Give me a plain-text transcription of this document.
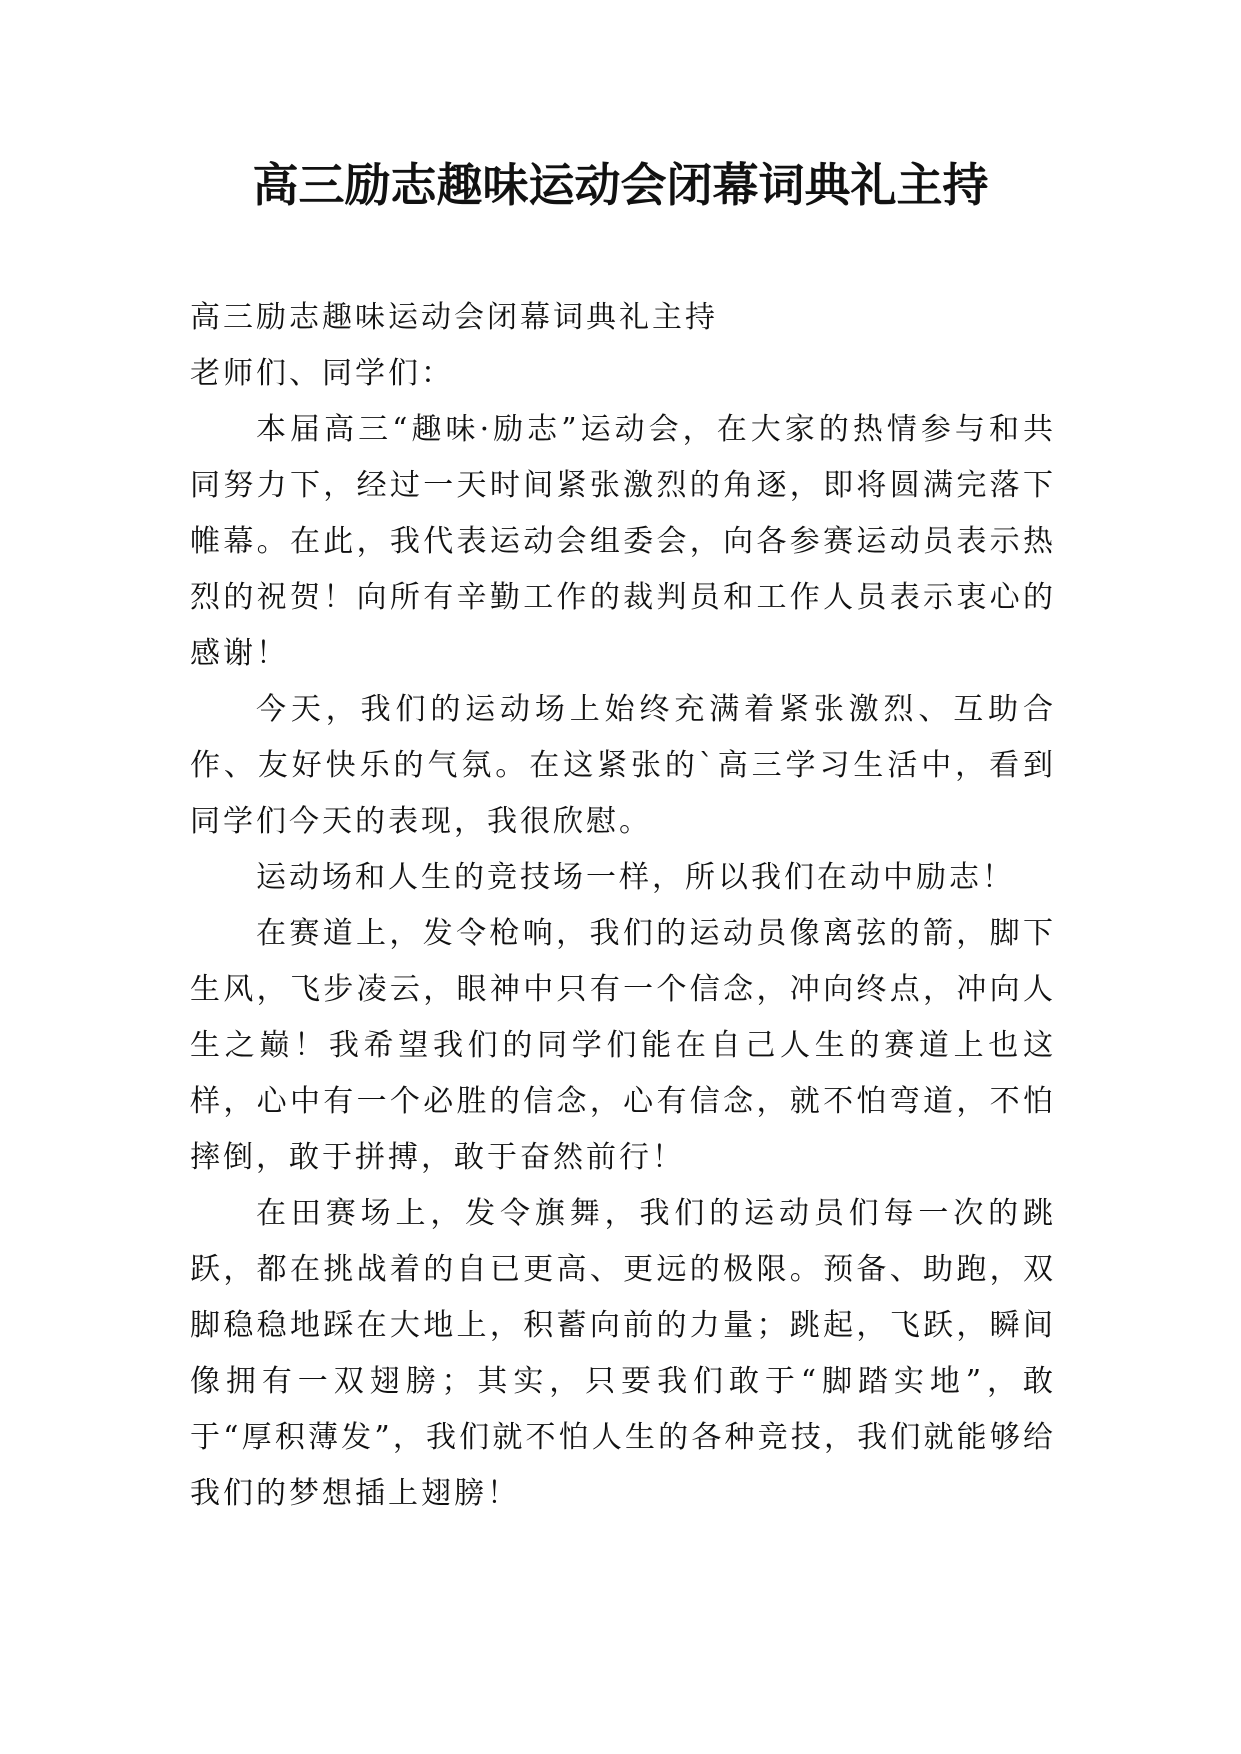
高三励志趣味运动会闭幕词典礼主持

高三励志趣味运动会闭幕词典礼主持

老师们、同学们：

本届高三“趣味·励志”运动会，在大家的热情参与和共同努力下，经过一天时间紧张激烈的角逐，即将圆满完落下帷幕。在此，我代表运动会组委会，向各参赛运动员表示热烈的祝贺！向所有辛勤工作的裁判员和工作人员表示衷心的感谢！

今天，我们的运动场上始终充满着紧张激烈、互助合作、友好快乐的气氛。在这紧张的`高三学习生活中，看到同学们今天的表现，我很欣慰。

运动场和人生的竞技场一样，所以我们在动中励志！

在赛道上，发令枪响，我们的运动员像离弦的箭，脚下生风，飞步凌云，眼神中只有一个信念，冲向终点，冲向人生之巅！我希望我们的同学们能在自己人生的赛道上也这样，心中有一个必胜的信念，心有信念，就不怕弯道，不怕摔倒，敢于拼搏，敢于奋然前行！

在田赛场上，发令旗舞，我们的运动员们每一次的跳跃，都在挑战着的自已更高、更远的极限。预备、助跑，双脚稳稳地踩在大地上，积蓄向前的力量；跳起，飞跃，瞬间像拥有一双翅膀；其实，只要我们敢于“脚踏实地”，敢于“厚积薄发”，我们就不怕人生的各种竞技，我们就能够给我们的梦想插上翅膀！
